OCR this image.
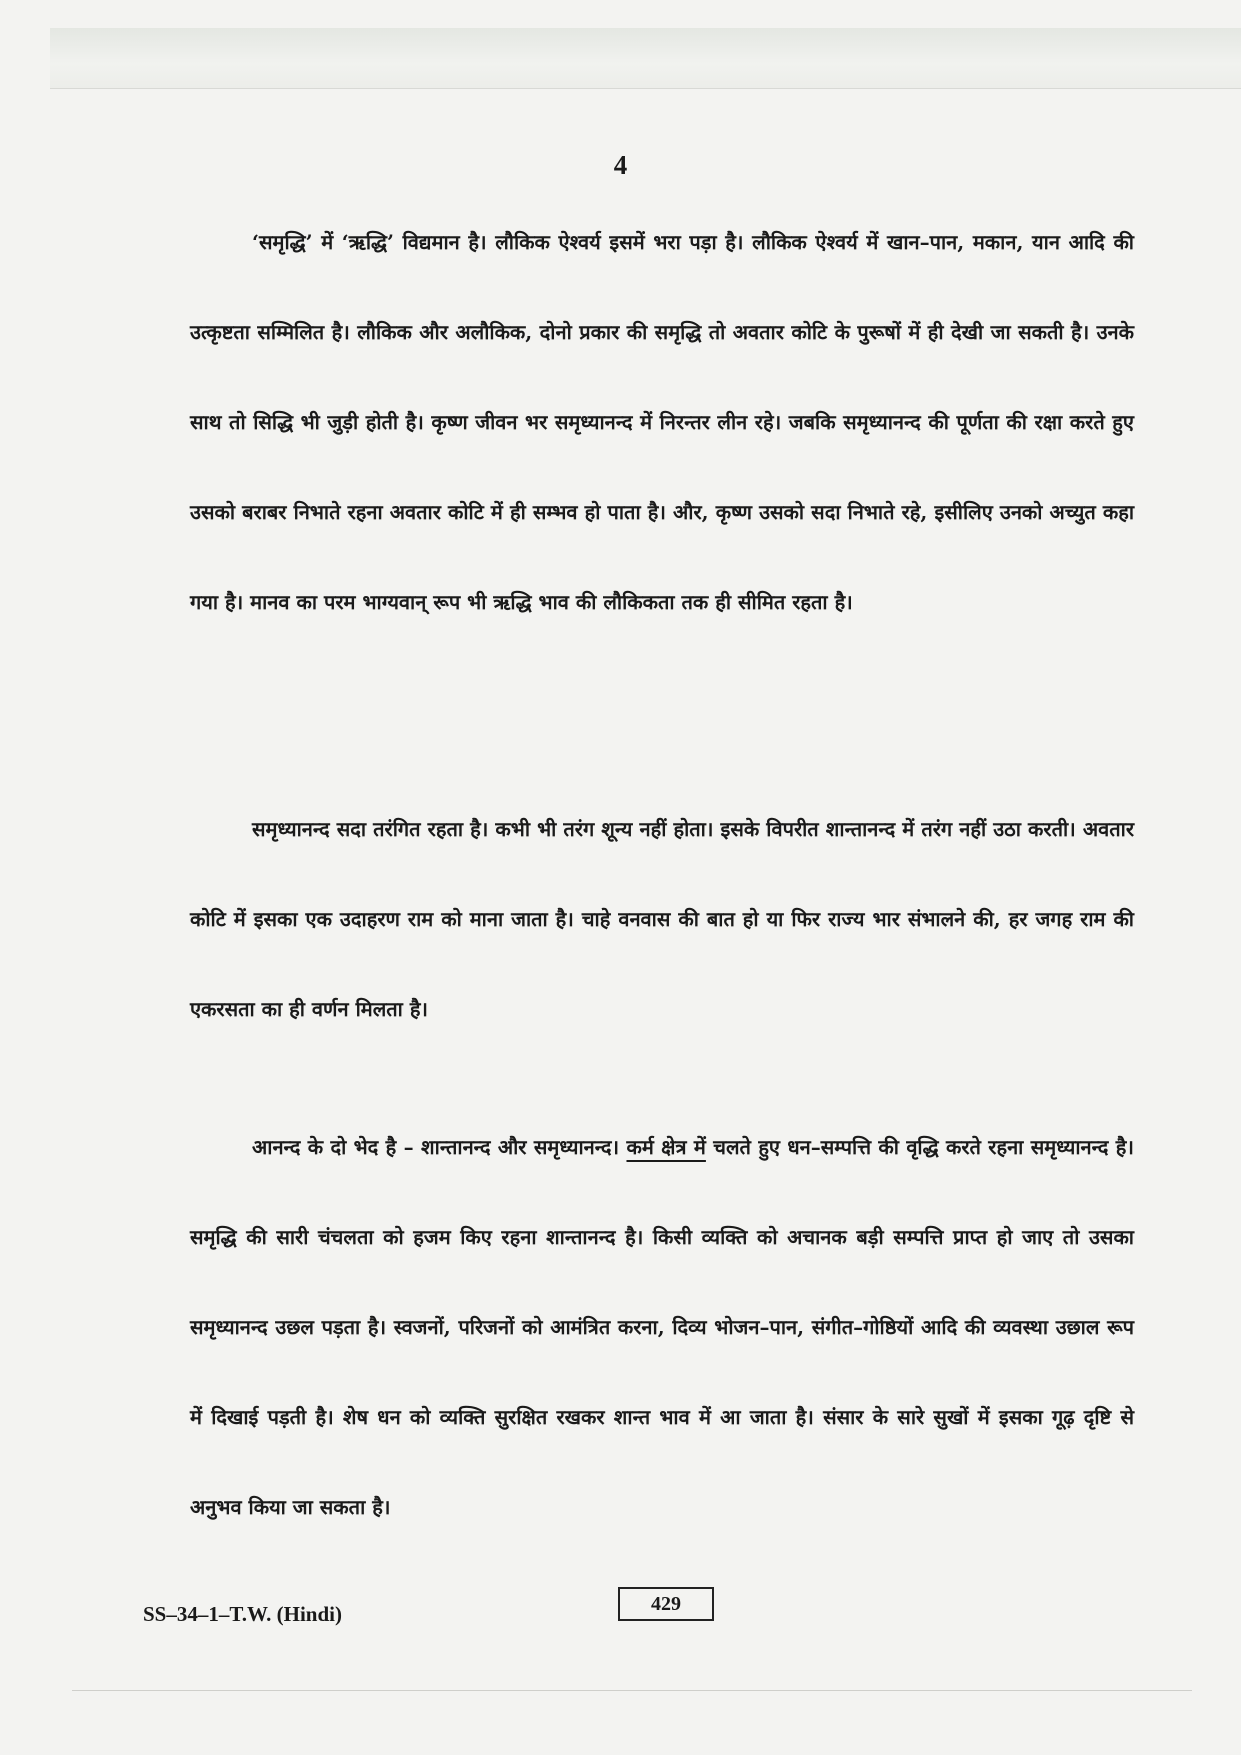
4

‘समृद्धि’ में ‘ऋद्धि’ विद्यमान है। लौकिक ऐश्वर्य इसमें भरा पड़ा है। लौकिक ऐश्वर्य में खान–पान, मकान, यान आदि की उत्कृष्टता सम्मिलित है। लौकिक और अलौकिक, दोनो प्रकार की समृद्धि तो अवतार कोटि के पुरूषों में ही देखी जा सकती है। उनके साथ तो सिद्धि भी जुड़ी होती है। कृष्ण जीवन भर समृध्यानन्द में निरन्तर लीन रहे। जबकि समृध्यानन्द की पूर्णता की रक्षा करते हुए उसको बराबर निभाते रहना अवतार कोटि में ही सम्भव हो पाता है। और, कृष्ण उसको सदा निभाते रहे, इसीलिए उनको अच्युत कहा गया है। मानव का परम भाग्यवान् रूप भी ऋद्धि भाव की लौकिकता तक ही सीमित रहता है।

समृध्यानन्द सदा तरंगित रहता है। कभी भी तरंग शून्य नहीं होता। इसके विपरीत शान्तानन्द में तरंग नहीं उठा करती। अवतार कोटि में इसका एक उदाहरण राम को माना जाता है। चाहे वनवास की बात हो या फिर राज्य भार संभालने की, हर जगह राम की एकरसता का ही वर्णन मिलता है।

आनन्द के दो भेद है – शान्तानन्द और समृध्यानन्द। कर्म क्षेत्र में चलते हुए धन–सम्पत्ति की वृद्धि करते रहना समृध्यानन्द है। समृद्धि की सारी चंचलता को हजम किए रहना शान्तानन्द है। किसी व्यक्ति को अचानक बड़ी सम्पत्ति प्राप्त हो जाए तो उसका समृध्यानन्द उछल पड़ता है। स्वजनों, परिजनों को आमंत्रित करना, दिव्य भोजन–पान, संगीत–गोष्ठियों आदि की व्यवस्था उछाल रूप में दिखाई पड़ती है। शेष धन को व्यक्ति सुरक्षित रखकर शान्त भाव में आ जाता है। संसार के सारे सुखों में इसका गूढ़ दृष्टि से अनुभव किया जा सकता है।

SS–34–1–T.W. (Hindi)	429
